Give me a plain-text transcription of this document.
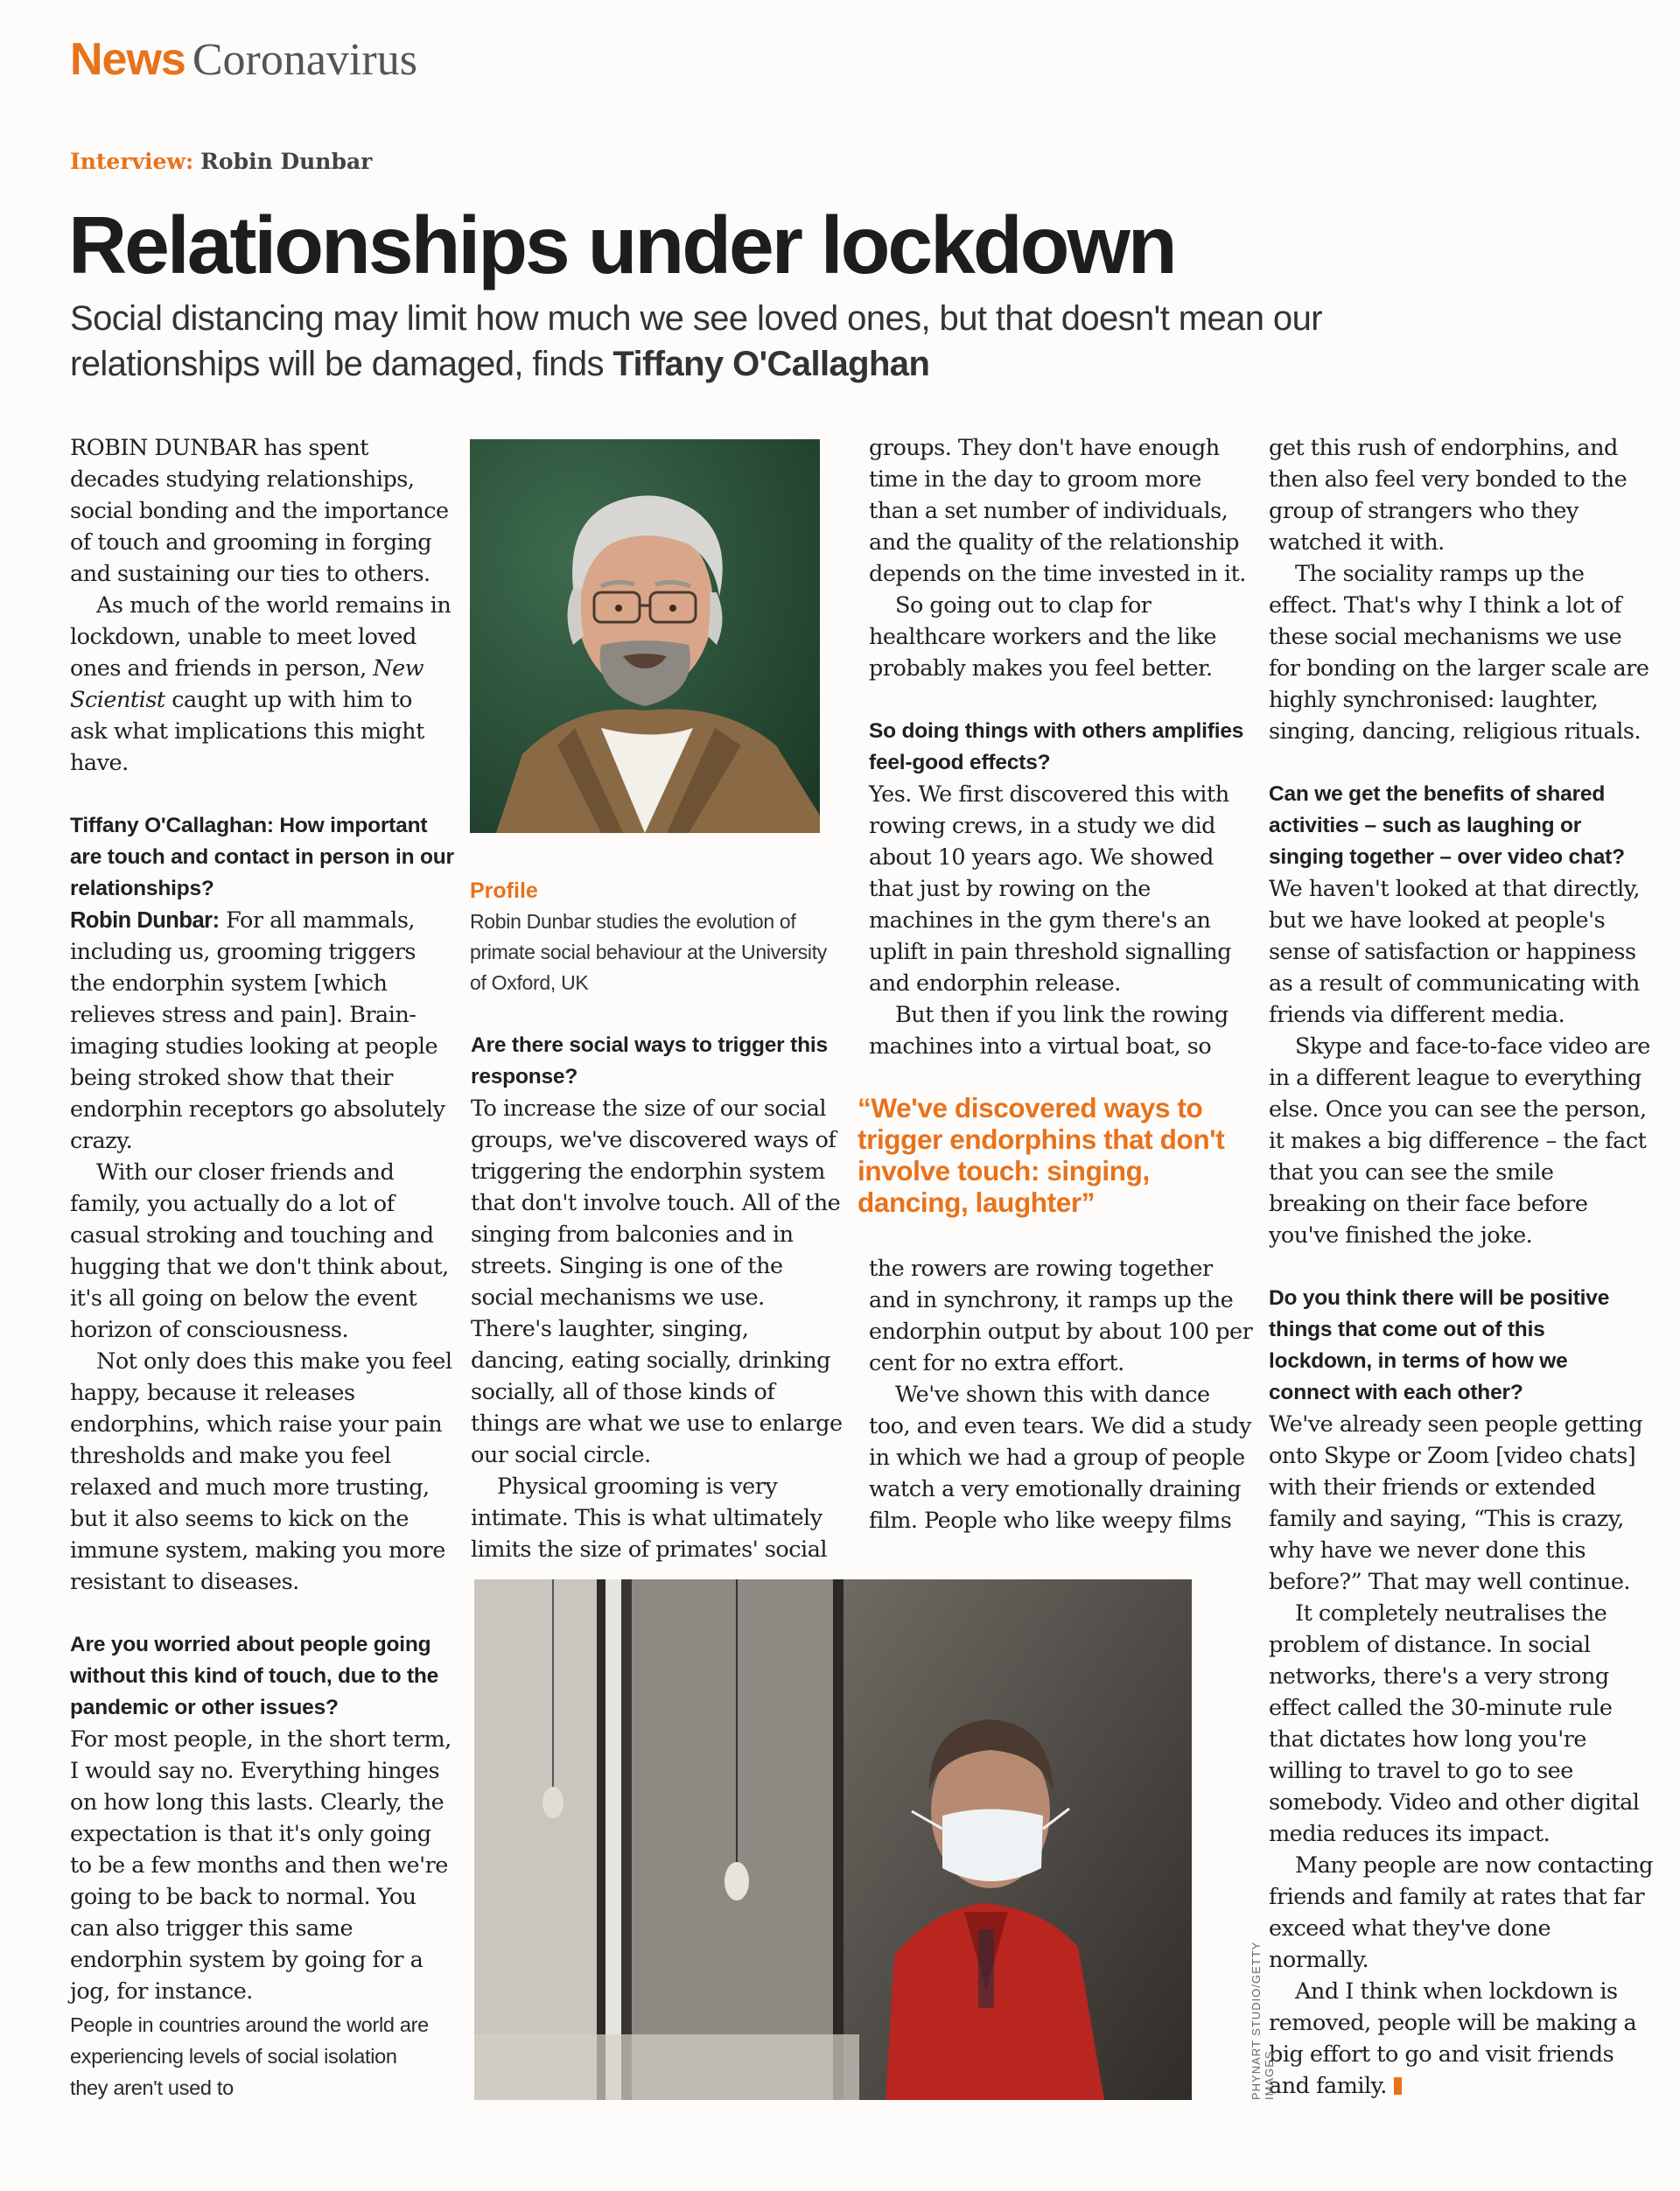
News Coronavirus
Interview: Robin Dunbar
Relationships under lockdown
Social distancing may limit how much we see loved ones, but that doesn't mean our relationships will be damaged, finds Tiffany O'Callaghan

ROBIN DUNBAR has spent decades studying relationships, social bonding and the importance of touch and grooming in forging and sustaining our ties to others.

As much of the world remains in lockdown, unable to meet loved ones and friends in person, New Scientist caught up with him to ask what implications this might have.

Tiffany O'Callaghan: How important are touch and contact in person in our relationships?

Robin Dunbar: For all mammals, including us, grooming triggers the endorphin system [which relieves stress and pain]. Brain-imaging studies looking at people being stroked show that their endorphin receptors go absolutely crazy.

With our closer friends and family, you actually do a lot of casual stroking and touching and hugging that we don't think about, it's all going on below the event horizon of consciousness.

Not only does this make you feel happy, because it releases endorphins, which raise your pain thresholds and make you feel relaxed and much more trusting, but it also seems to kick on the immune system, making you more resistant to diseases.

Are you worried about people going without this kind of touch, due to the pandemic or other issues?

For most people, in the short term, I would say no. Everything hinges on how long this lasts. Clearly, the expectation is that it's only going to be a few months and then we're going to be back to normal. You can also trigger this same endorphin system by going for a jog, for instance.

Profile
Robin Dunbar studies the evolution of primate social behaviour at the University of Oxford, UK

Are there social ways to trigger this response?

To increase the size of our social groups, we've discovered ways of triggering the endorphin system that don't involve touch. All of the singing from balconies and in streets. Singing is one of the social mechanisms we use. There's laughter, singing, dancing, eating socially, drinking socially, all of those kinds of things are what we use to enlarge our social circle.

Physical grooming is very intimate. This is what ultimately limits the size of primates' social

groups. They don't have enough time in the day to groom more than a set number of individuals, and the quality of the relationship depends on the time invested in it.

So going out to clap for healthcare workers and the like probably makes you feel better.

So doing things with others amplifies feel-good effects?

Yes. We first discovered this with rowing crews, in a study we did about 10 years ago. We showed that just by rowing on the machines in the gym there's an uplift in pain threshold signalling and endorphin release.

But then if you link the rowing machines into a virtual boat, so

“We've discovered ways to trigger endorphins that don't involve touch: singing, dancing, laughter”

the rowers are rowing together and in synchrony, it ramps up the endorphin output by about 100 per cent for no extra effort.

We've shown this with dance too, and even tears. We did a study in which we had a group of people watch a very emotionally draining film. People who like weepy films

get this rush of endorphins, and then also feel very bonded to the group of strangers who they watched it with.

The sociality ramps up the effect. That's why I think a lot of these social mechanisms we use for bonding on the larger scale are highly synchronised: laughter, singing, dancing, religious rituals.

Can we get the benefits of shared activities – such as laughing or singing together – over video chat?

We haven't looked at that directly, but we have looked at people's sense of satisfaction or happiness as a result of communicating with friends via different media.

Skype and face-to-face video are in a different league to everything else. Once you can see the person, it makes a big difference – the fact that you can see the smile breaking on their face before you've finished the joke.

Do you think there will be positive things that come out of this lockdown, in terms of how we connect with each other?

We've already seen people getting onto Skype or Zoom [video chats] with their friends or extended family and saying, “This is crazy, why have we never done this before?” That may well continue.

It completely neutralises the problem of distance. In social networks, there's a very strong effect called the 30-minute rule that dictates how long you're willing to travel to go to see somebody. Video and other digital media reduces its impact.

Many people are now contacting friends and family at rates that far exceed what they've done normally.

And I think when lockdown is removed, people will be making a big effort to go and visit friends and family.

PHYNART STUDIO/GETTY IMAGES
People in countries around the world are experiencing levels of social isolation they aren't used to
